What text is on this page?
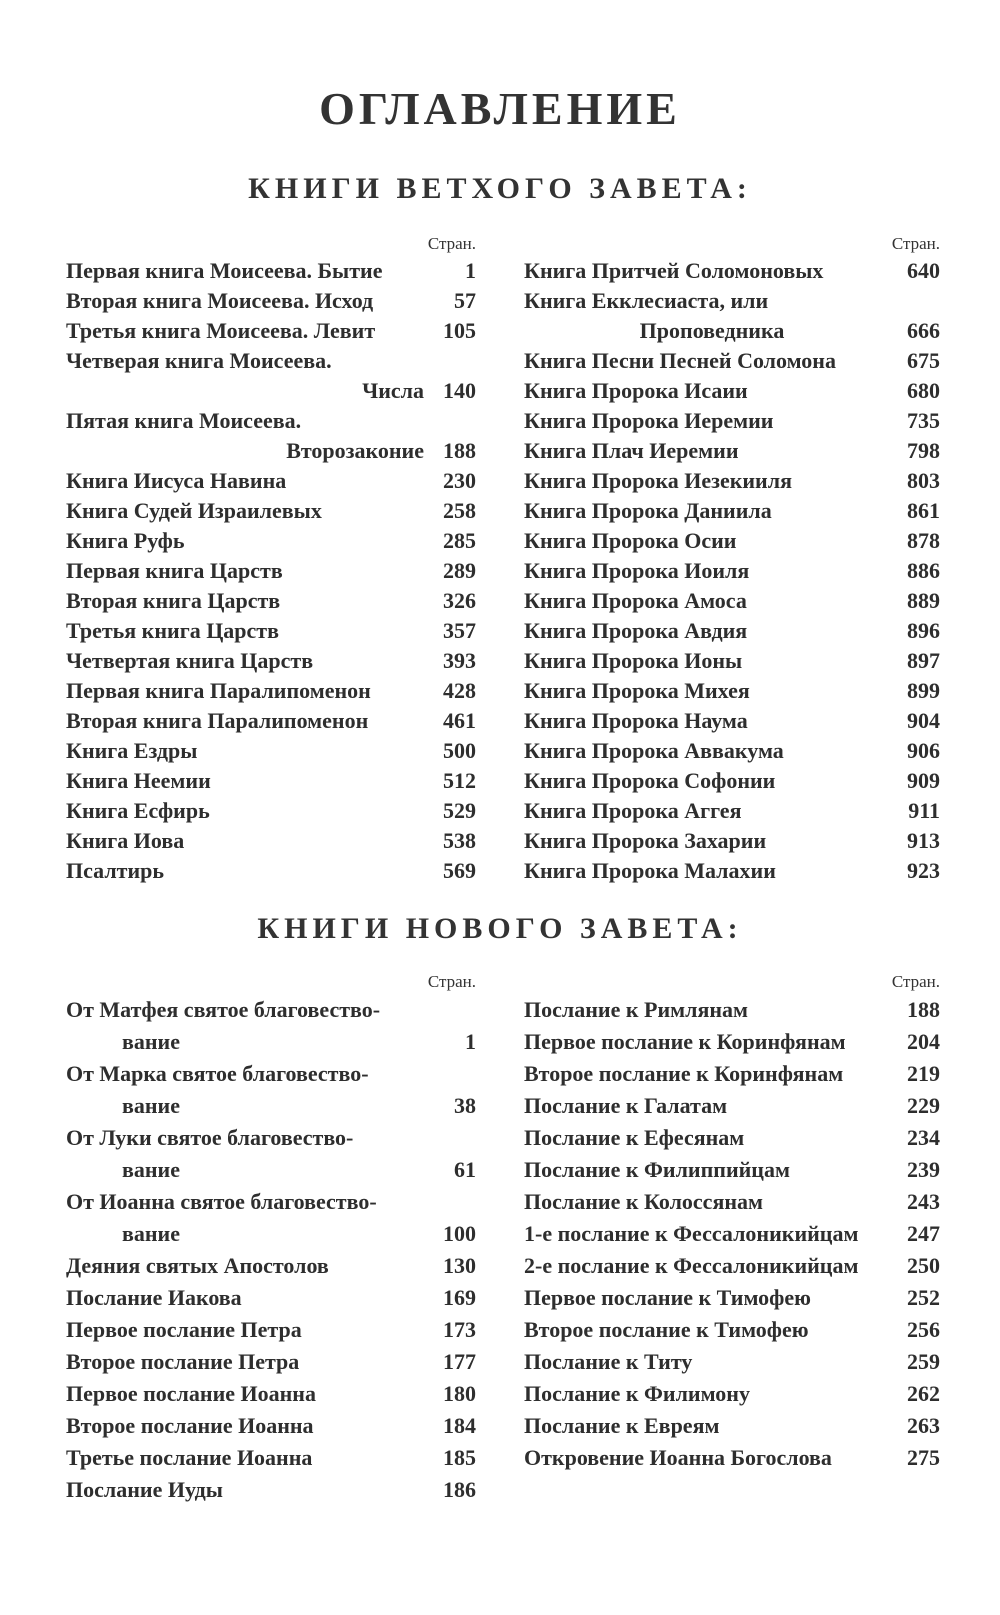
ОГЛАВЛЕНИЕ
КНИГИ ВЕТХОГО ЗАВЕТА:
Стран.
Первая книга Моисеева. Бытие	1
Вторая книга Моисеева. Исход	57
Третья книга Моисеева. Левит	105
Четверая книга Моисеева.
Числа 140
Пятая книга Моисеева.
Второзаконие 188
Книга Иисуса Навина	230
Книга Судей Израилевых	258
Книга Руфь	285
Первая книга Царств	289
Вторая книга Царств	326
Третья книга Царств	357
Четвертая книга Царств	393
Первая книга Паралипоменон	428
Вторая книга Паралипоменон	461
Книга Ездры	500
Книга Неемии	512
Книга Есфирь	529
Книга Иова	538
Псалтирь	569
Стран.
Книга Притчей Соломоновых	640
Книга Екклесиаста, или
Проповедника	666
Книга Песни Песней Соломона	675
Книга Пророка Исаии	680
Книга Пророка Иеремии	735
Книга Плач Иеремии	798
Книга Пророка Иезекииля	803
Книга Пророка Даниила	861
Книга Пророка Осии	878
Книга Пророка Иоиля	886
Книга Пророка Амоса	889
Книга Пророка Авдия	896
Книга Пророка Ионы	897
Книга Пророка Михея	899
Книга Пророка Наума	904
Книга Пророка Аввакума	906
Книга Пророка Софонии	909
Книга Пророка Аггея	911
Книга Пророка Захарии	913
Книга Пророка Малахии	923
КНИГИ НОВОГО ЗАВЕТА:
Стран.
От Матфея святое благовество-
вание	1
От Марка святое благовество-
вание	38
От Луки святое благовество-
вание	61
От Иоанна святое благовество-
вание	100
Деяния святых Апостолов	130
Послание Иакова	169
Первое послание Петра	173
Второе послание Петра	177
Первое послание Иоанна	180
Второе послание Иоанна	184
Третье послание Иоанна	185
Послание Иуды	186
Стран.
Послание к Римлянам	188
Первое послание к Коринфянам	204
Второе послание к Коринфянам	219
Послание к Галатам	229
Послание к Ефесянам	234
Послание к Филиппийцам	239
Послание к Колоссянам	243
1-е послание к Фессалоникийцам	247
2-е послание к Фессалоникийцам	250
Первое послание к Тимофею	252
Второе послание к Тимофею	256
Послание к Титу	259
Послание к Филимону	262
Послание к Евреям	263
Откровение Иоанна Богослова	275
